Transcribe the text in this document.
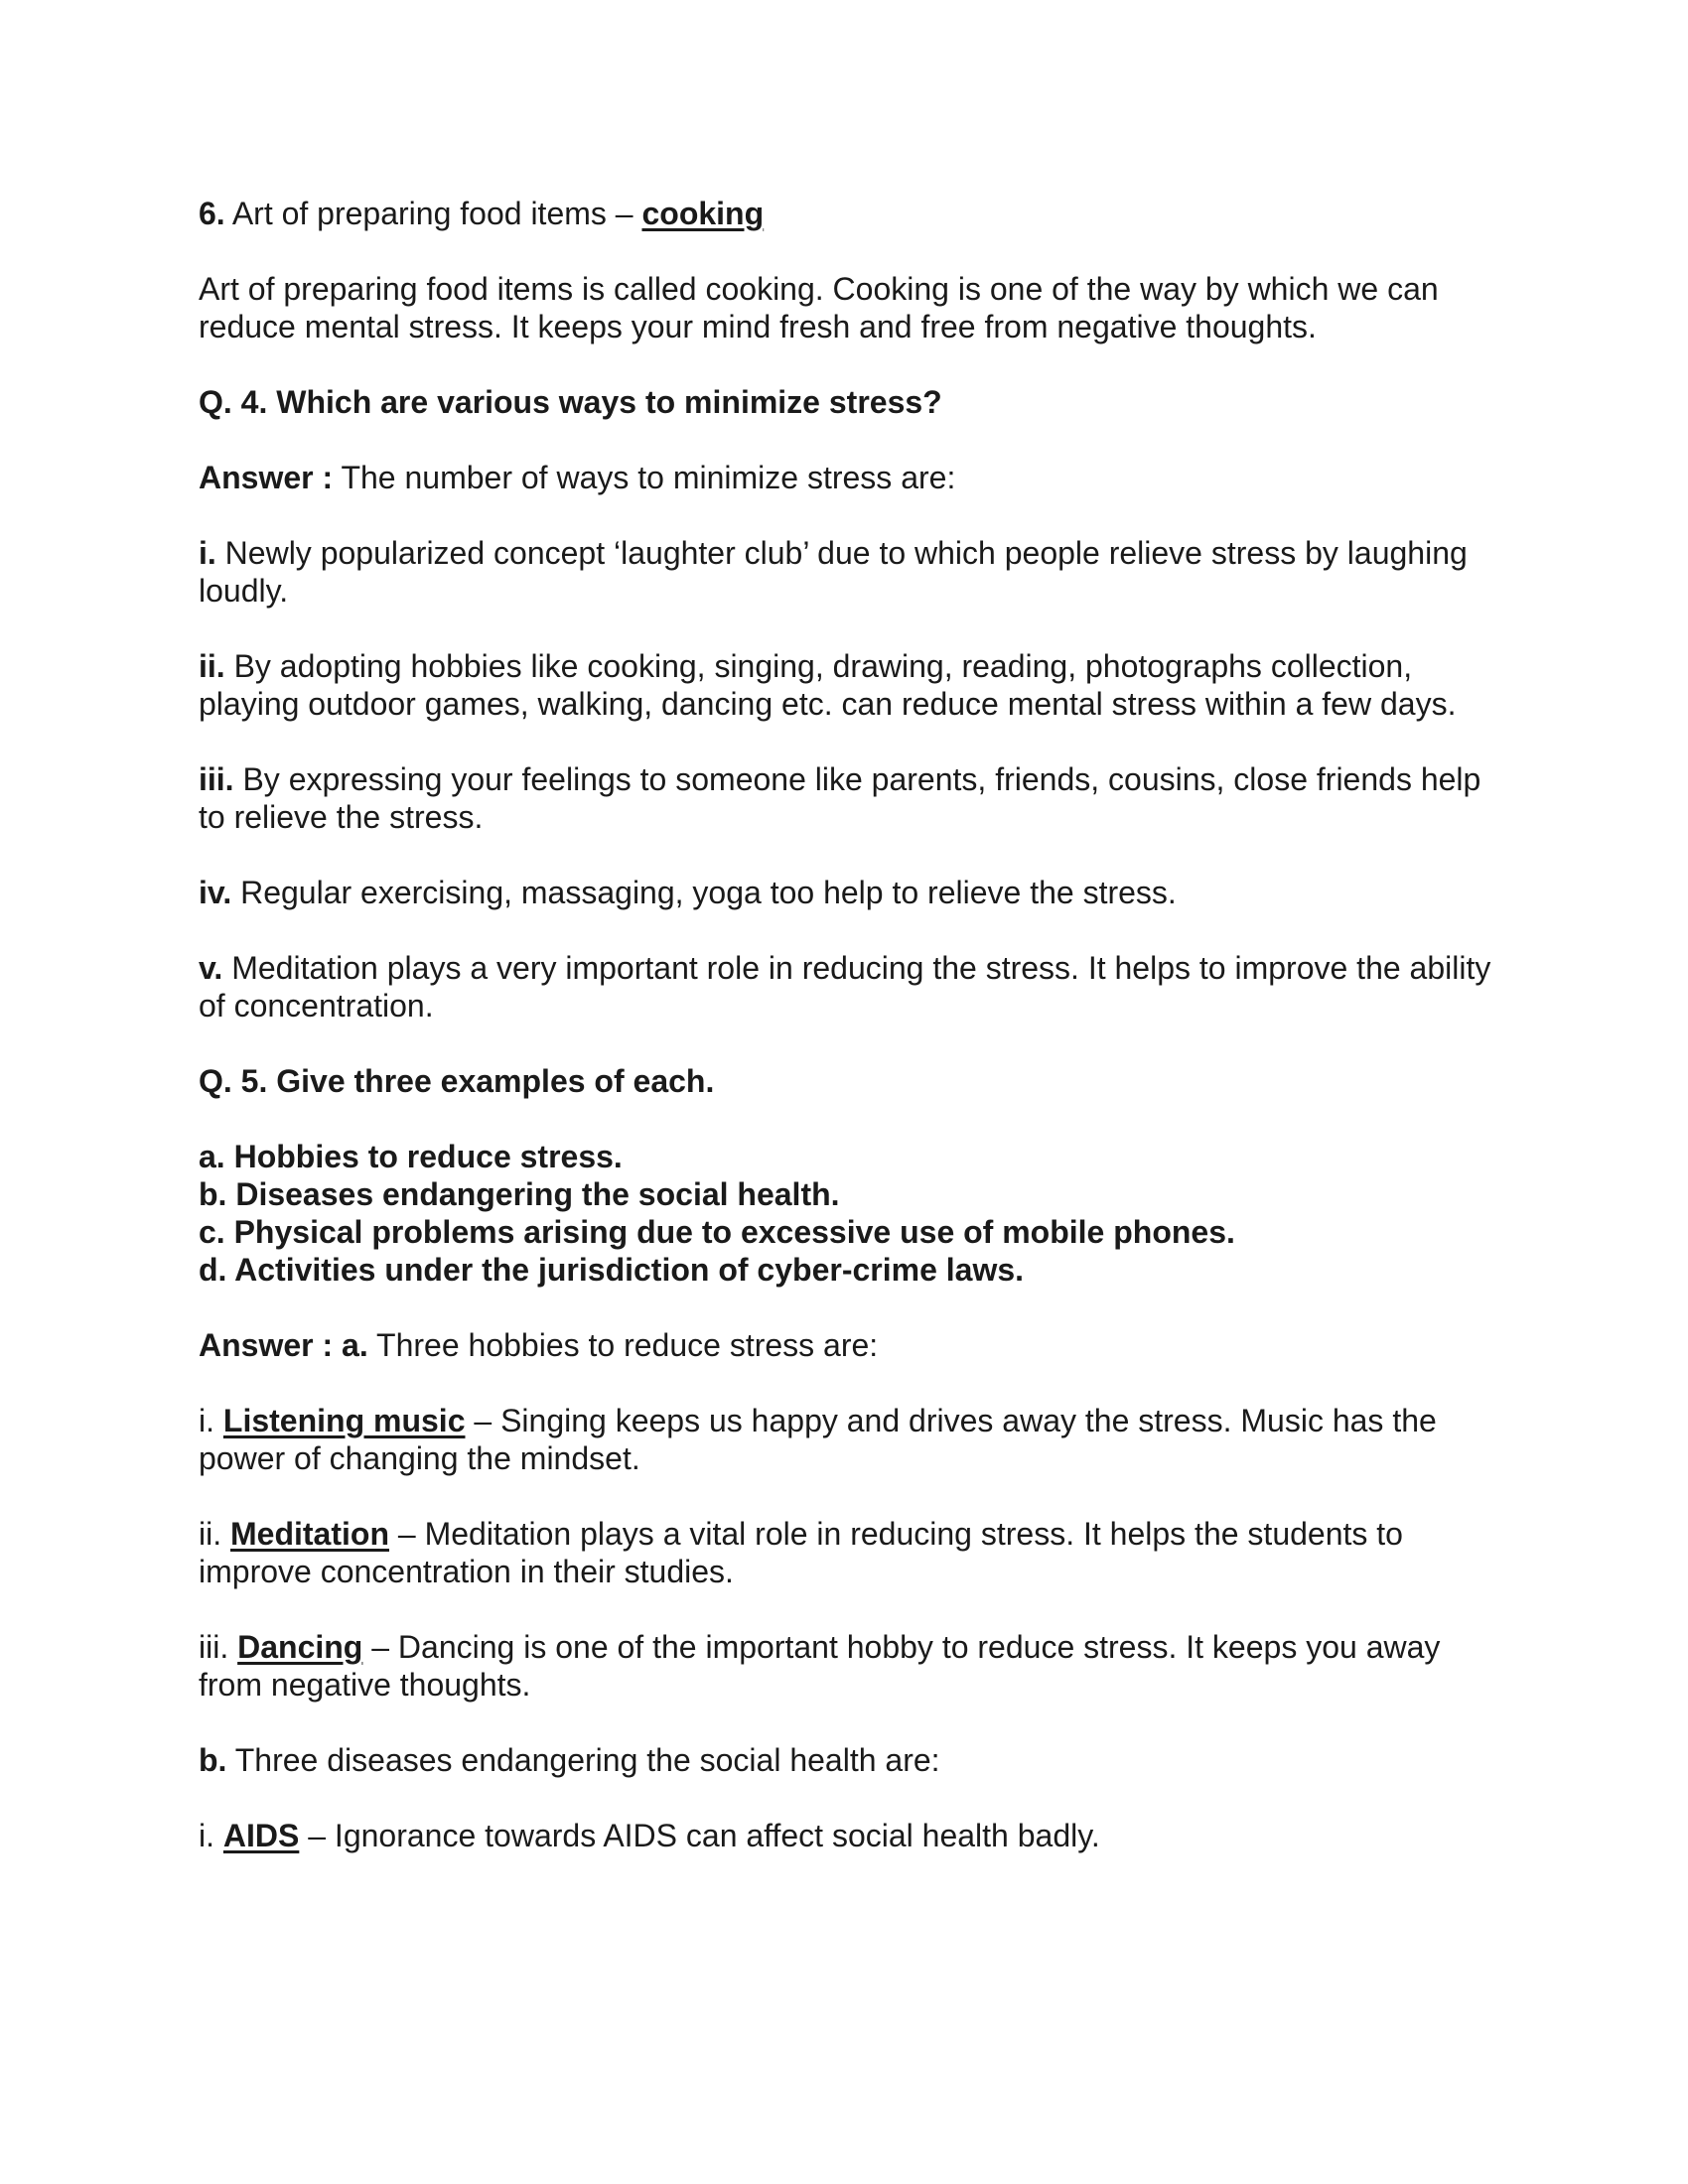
6. Art of preparing food items – cooking

Art of preparing food items is called cooking. Cooking is one of the way by which we can reduce mental stress. It keeps your mind fresh and free from negative thoughts.

Q. 4. Which are various ways to minimize stress?

Answer : The number of ways to minimize stress are:

i. Newly popularized concept ‘laughter club’ due to which people relieve stress by laughing loudly.

ii. By adopting hobbies like cooking, singing, drawing, reading, photographs collection, playing outdoor games, walking, dancing etc. can reduce mental stress within a few days.

iii. By expressing your feelings to someone like parents, friends, cousins, close friends help to relieve the stress.

iv. Regular exercising, massaging, yoga too help to relieve the stress.

v. Meditation plays a very important role in reducing the stress. It helps to improve the ability of concentration.

Q. 5. Give three examples of each.

a. Hobbies to reduce stress.

b. Diseases endangering the social health.

c. Physical problems arising due to excessive use of mobile phones.

d. Activities under the jurisdiction of cyber-crime laws.

Answer : a. Three hobbies to reduce stress are:

i. Listening music – Singing keeps us happy and drives away the stress. Music has the power of changing the mindset.

ii. Meditation – Meditation plays a vital role in reducing stress. It helps the students to improve concentration in their studies.

iii. Dancing – Dancing is one of the important hobby to reduce stress. It keeps you away from negative thoughts.

b. Three diseases endangering the social health are:

i. AIDS – Ignorance towards AIDS can affect social health badly.
